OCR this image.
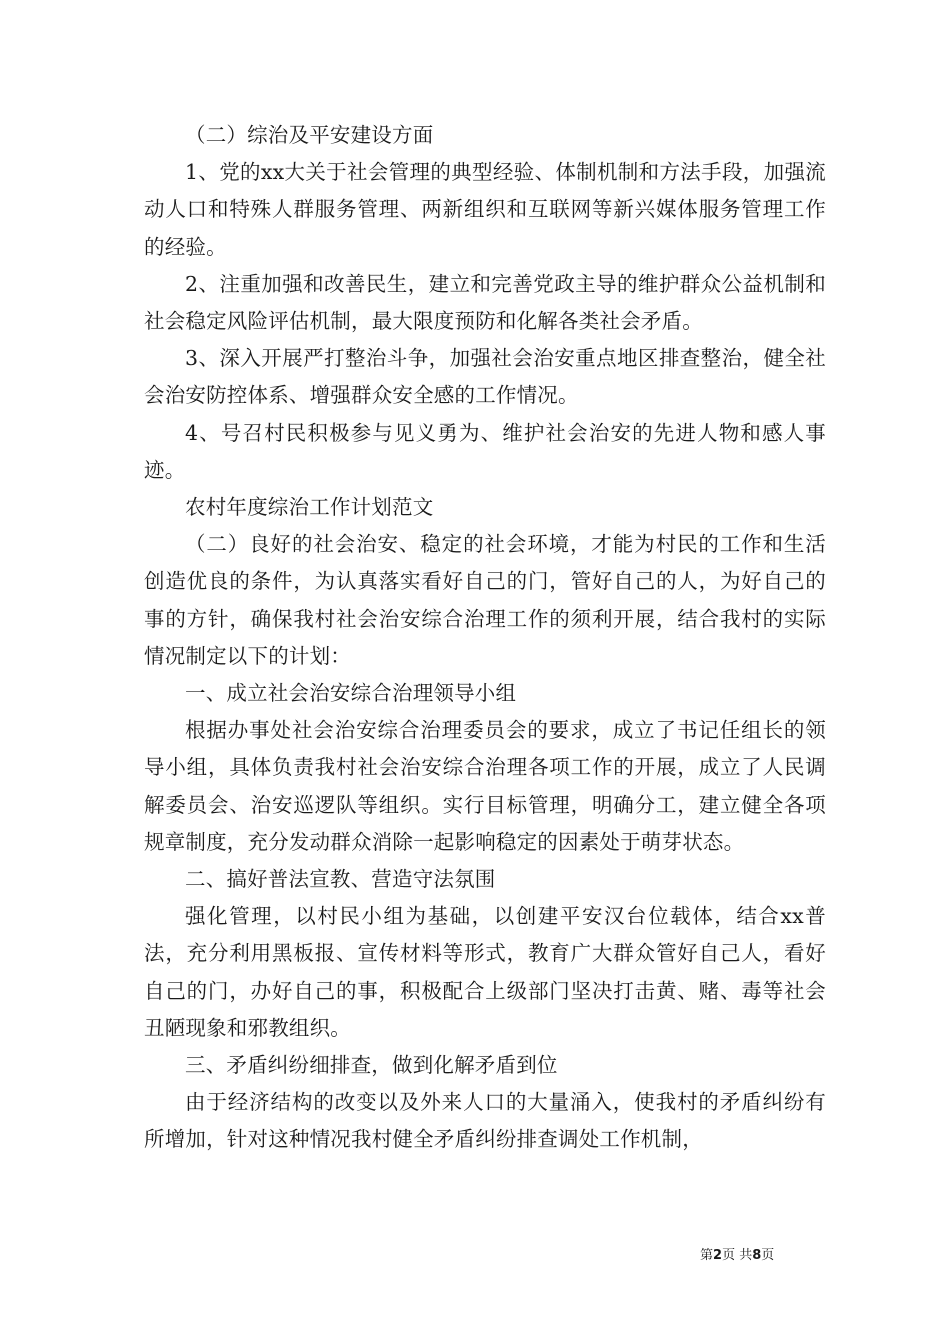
（二）综治及平安建设方面

1、党的xx大关于社会管理的典型经验、体制机制和方法手段，加强流动人口和特殊人群服务管理、两新组织和互联网等新兴媒体服务管理工作的经验。

2、注重加强和改善民生，建立和完善党政主导的维护群众公益机制和社会稳定风险评估机制，最大限度预防和化解各类社会矛盾。

3、深入开展严打整治斗争，加强社会治安重点地区排查整治，健全社会治安防控体系、增强群众安全感的工作情况。

4、号召村民积极参与见义勇为、维护社会治安的先进人物和感人事迹。

农村年度综治工作计划范文

（二）良好的社会治安、稳定的社会环境，才能为村民的工作和生活创造优良的条件，为认真落实看好自己的门，管好自己的人，为好自己的事的方针，确保我村社会治安综合治理工作的须利开展，结合我村的实际情况制定以下的计划：

一、成立社会治安综合治理领导小组

根据办事处社会治安综合治理委员会的要求，成立了书记任组长的领导小组，具体负责我村社会治安综合治理各项工作的开展，成立了人民调解委员会、治安巡逻队等组织。实行目标管理，明确分工，建立健全各项规章制度，充分发动群众消除一起影响稳定的因素处于萌芽状态。

二、搞好普法宣教、营造守法氛围

强化管理，以村民小组为基础，以创建平安汉台位载体，结合xx普法，充分利用黑板报、宣传材料等形式，教育广大群众管好自己人，看好自己的门，办好自己的事，积极配合上级部门坚决打击黄、赌、毒等社会丑陋现象和邪教组织。

三、矛盾纠纷细排查，做到化解矛盾到位

由于经济结构的改变以及外来人口的大量涌入，使我村的矛盾纠纷有所增加，针对这种情况我村健全矛盾纠纷排查调处工作机制，

第2页 共8页
